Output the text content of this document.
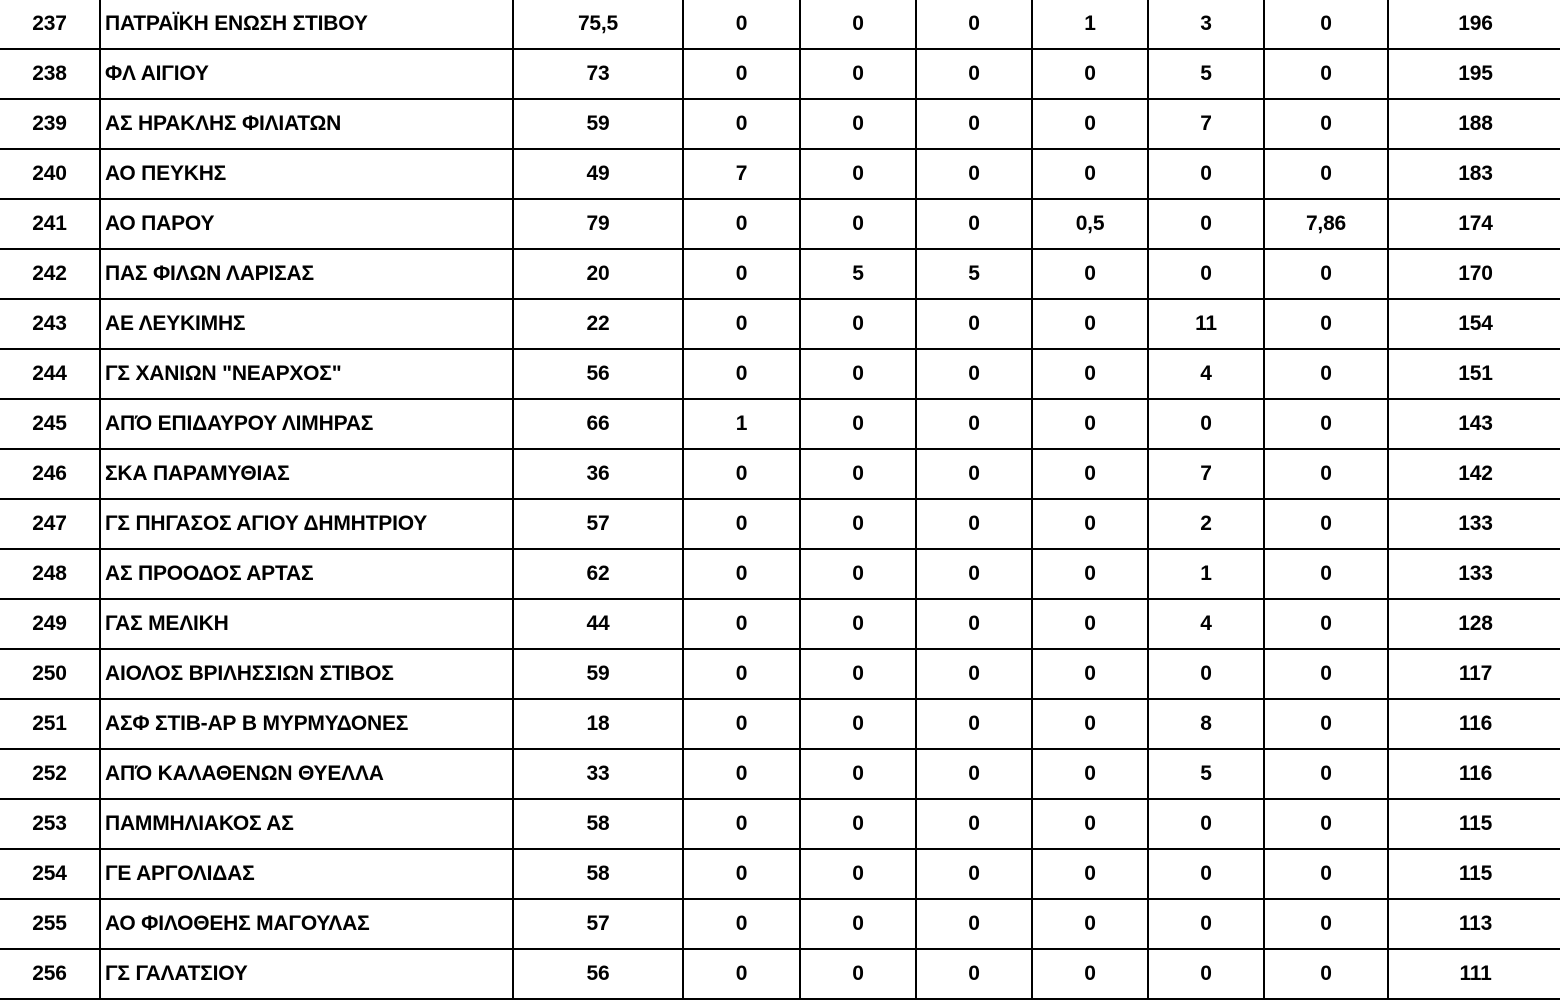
237	ΠΑΤΡΑΪΚΗ ΕΝΩΣΗ ΣΤΙΒΟΥ	75,5	0	0	0	1	3	0	196
238	ΦΛ ΑΙΓΙΟΥ	73	0	0	0	0	5	0	195
239	ΑΣ ΗΡΑΚΛΗΣ ΦΙΛΙΑΤΩΝ	59	0	0	0	0	7	0	188
240	ΑΟ ΠΕΥΚΗΣ	49	7	0	0	0	0	0	183
241	ΑΟ ΠΑΡΟΥ	79	0	0	0	0,5	0	7,86	174
242	ΠΑΣ ΦΙΛΩΝ ΛΑΡΙΣΑΣ	20	0	5	5	0	0	0	170
243	ΑΕ ΛΕΥΚΙΜΗΣ	22	0	0	0	0	11	0	154
244	ΓΣ ΧΑΝΙΩΝ "ΝΕΑΡΧΟΣ"	56	0	0	0	0	4	0	151
245	ΑΠΌ ΕΠΙΔΑΥΡΟΥ ΛΙΜΗΡΑΣ	66	1	0	0	0	0	0	143
246	ΣΚΑ ΠΑΡΑΜΥΘΙΑΣ	36	0	0	0	0	7	0	142
247	ΓΣ ΠΗΓΑΣΟΣ ΑΓΙΟΥ ΔΗΜΗΤΡΙΟΥ	57	0	0	0	0	2	0	133
248	ΑΣ ΠΡΟΟΔΟΣ ΑΡΤΑΣ	62	0	0	0	0	1	0	133
249	ΓΑΣ ΜΕΛΙΚΗ	44	0	0	0	0	4	0	128
250	ΑΙΟΛΟΣ ΒΡΙΛΗΣΣΙΩΝ ΣΤΙΒΟΣ	59	0	0	0	0	0	0	117
251	ΑΣΦ ΣΤΙΒ-ΑΡ Β ΜΥΡΜΥΔΟΝΕΣ	18	0	0	0	0	8	0	116
252	ΑΠΌ ΚΑΛΑΘΕΝΩΝ ΘΥΕΛΛΑ	33	0	0	0	0	5	0	116
253	ΠΑΜΜΗΛΙΑΚΟΣ ΑΣ	58	0	0	0	0	0	0	115
254	ΓΕ ΑΡΓΟΛΙΔΑΣ	58	0	0	0	0	0	0	115
255	ΑΟ ΦΙΛΟΘΕΗΣ ΜΑΓΟΥΛΑΣ	57	0	0	0	0	0	0	113
256	ΓΣ ΓΑΛΑΤΣΙΟΥ	56	0	0	0	0	0	0	111
